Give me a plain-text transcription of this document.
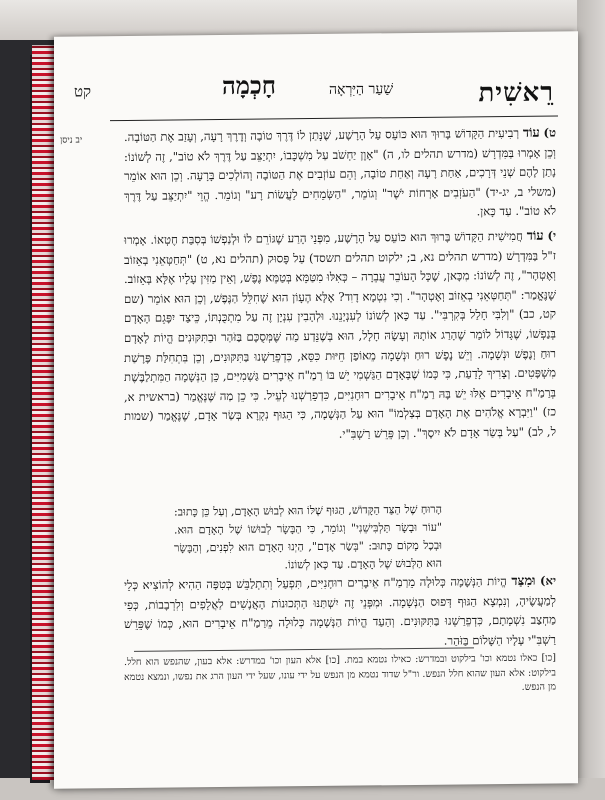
קט	חָכְמָה	שַׁעַר הַיִּרְאָה	רֵאשִׁית
יב ניסן

ט) עוֹד רְבִיעִית הַקָּדוֹשׁ בָּרוּךְ הוּא כּוֹעֵס עַל הָרָשָׁע, שֶׁנָּתַן לוֹ דֶּרֶךְ טוֹבָה וְדֶרֶךְ רָעָה, וְעָזַב אֶת הַטּוֹבָה. וְכֵן אָמְרוּ בַּמִּדְרָשׁ (מדרש תהלים לו, ה) "אָוֶן יַחְשֹׁב עַל מִשְׁכָּבוֹ, יִתְיַצֵּב עַל דֶּרֶךְ לֹא טוֹב", זֶה לְשׁוֹנוֹ: נָתַן לָהֶם שְׁנֵי דְּרָכִים, אַחַת רָעָה וְאַחַת טוֹבָה, וְהֵם עוֹזְבִים אֶת הַטּוֹבָה וְהוֹלְכִים בָּרָעָה. וְכֵן הוּא אוֹמֵר (משלי ב, יג-יד) "הַעֹזְבִים אָרְחוֹת יֹשֶׁר" וְגוֹמֵר, "הַשְּׂמֵחִים לַעֲשׂוֹת רָע" וְגוֹמֵר. הֱוֵי "יִתְיַצֵּב עַל דֶּרֶךְ לֹא טוֹב". עַד כָּאן.

י) עוֹד חֲמִישִׁית הַקָּדוֹשׁ בָּרוּךְ הוּא כּוֹעֵס עַל הָרָשָׁע, מִפְּנֵי הָרַע שֶׁגּוֹרֵם לוֹ וּלְנַפְשׁוֹ בְּסִבַּת חֶטְאוֹ. אָמְרוּ ז"ל בַּמִּדְרָשׁ (מדרש תהלים נא, ב; ילקוט תהלים תשסד) עַל פָּסוּק (תהלים נא, ט) "תְּחַטְּאֵנִי בְאֵזוֹב וְאֶטְהָר", זֶה לְשׁוֹנוֹ: מִכָּאן, שֶׁכָּל הָעוֹבֵר עֲבֵרָה – כְּאִלּוּ מִטַּמֵּא בְּטַמֵּא נֶפֶשׁ, וְאֵין מַזִּין עָלָיו אֶלָּא בְּאֵזוֹב. שֶׁנֶּאֱמַר: "תְּחַטְּאֵנִי בְאֵזוֹב וְאֶטְהָר". וְכִי נִטְמָא דָוִד? אֶלָּא הֶעָוֹן הוּא שֶׁחִלֵּל הַנֶּפֶשׁ, וְכֵן הוּא אוֹמֵר (שם קט, כב) "וְלִבִּי חָלַל בְּקִרְבִּי". עַד כָּאן לְשׁוֹנוֹ לְעִנְיָנֵנוּ. וּלְהָבִין עִנְיָן זֶה עַל מִתְכֻּנְתּוֹ, כֵּיצַד יִפָּגֵם הָאָדָם בְּנַפְשׁוֹ, שֶׁגָּדוֹל לוֹמַר שֶׁהָרַג אוֹתָהּ וְעָשָׂהּ חָלָל, הוּא בְּשֶׁנֵּדַע מַה שֶּׁמְּסֻכָּם בַּזֹּהַר וּבַתִּקּוּנִים הֱיוֹת לָאָדָם רוּחַ וְנֶפֶשׁ וּנְשָׁמָה. וְיֵשׁ נֶפֶשׁ רוּחַ וּנְשָׁמָה מֵאוֹפַן חֵיּוּת כִּסֵּא, כִּדְפֵרַשְׁנוּ בַּתִּקּוּנִים, וְכֵן בִּתְחִלַּת פָּרָשַׁת מִשְׁפָּטִים. וְצָרִיךְ לָדַעַת, כִּי כְּמוֹ שֶׁבָּאָדָם הַגַּשְׁמִי יֵשׁ בּוֹ רַמַ"ח אֵיבָרִים גַּשְׁמִיִּים, כֵּן הַנְּשָׁמָה הַמִּתְלַבֶּשֶׁת בְּרַמַ"ח אֵיבָרִים אֵלּוּ יֵשׁ בָּהּ רַמַ"ח אֵיבָרִים רוּחָנִיִּים, כִּדְפֵרַשְׁנוּ לְעֵיל. כִּי כֵן מַה שֶּׁנֶּאֱמַר (בראשית א, כז) "וַיִּבְרָא אֱלֹהִים אֶת הָאָדָם בְּצַלְמוֹ" הוּא עַל הַנְּשָׁמָה, כִּי הַגּוּף נִקְרָא בְּשַׂר אָדָם, שֶׁנֶּאֱמַר (שמות ל, לב) "עַל בְּשַׂר אָדָם לֹא יִיסָךְ". וְכֵן פֵּרֵשׁ רַשְׁבִּ"י.

הָרוּחַ שֶׁל הַצַּד הַקָּדוֹשׁ, הַגּוּף שֶׁלּוֹ הוּא לְבוּשׁ הָאָדָם, וְעַל כֵּן כָּתוּב: "עוֹר וּבָשָׂר תַּלְבִּישֵׁנִי" וְגוֹמֵר, כִּי הַבָּשָׂר לְבוּשׁוֹ שֶׁל הָאָדָם הוּא. וּבְכָל מָקוֹם כָּתוּב: "בְּשַׂר אָדָם", הַיְנוּ הָאָדָם הוּא לִפְנִים, וְהַבָּשָׂר הוּא הַלְּבוּשׁ שֶׁל הָאָדָם. עַד כָּאן לְשׁוֹנוֹ.

יא) וּמִצַּד הֱיוֹת הַנְּשָׁמָה כְּלוּלָה מֵרַמַ"ח אֵיבָרִים רוּחָנִיִּים, תִּפְעַל וְתִתְלַבֵּשׁ בְּטִפָּה הַהִיא לְהוֹצִיא כְּלֵי לְמַעֲשֶׂיהָ, וְנִמְצָא הַגּוּף דְּפוּס הַנְּשָׁמָה. וּמִפְּנֵי זֶה יִשְׁתַּנּוּ הַתְּכוּנוֹת הָאֲנָשִׁים לַאֲלָפִים וְלִרְבָבוֹת, כְּפִי מַחְצַב נִשְׁמָתָם, כִּדְפֵרַשְׁנוּ בַּתִּקּוּנִים. וְהַעַד הֱיוֹת הַנְּשָׁמָה כְּלוּלָה מֵרַמַ"ח אֵיבָרִים הוּא, כְּמוֹ שֶׁפֵּרֵשׁ רַשְׁבִּ"י עָלָיו הַשָּׁלוֹם בַּזֹּהַר.

[כו] כאלו נטמא וכו' בילקוט ובמדרש: כאילו נטמא במת. [כו] אלא העון וכו' במדרש: אלא בעון, שהנפש הוא חלל. בילקוט: אלא העון שהוא חלל הנפש. ור"ל שדוד נטמא מן הנפש על ידי עונו, שעל ידי העון הרג את נפשו, ונמצא נטמא מן הנפש.
